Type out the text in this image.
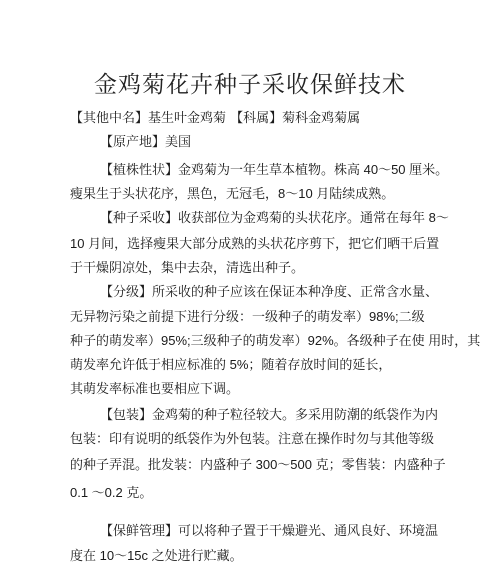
金鸡菊花卉种子采收保鲜技术
【其他中名】基生叶金鸡菊 【科属】菊科金鸡菊属
【原产地】美国
【植株性状】金鸡菊为一年生草本植物。株高 40〜50 厘米。
瘦果生于头状花序，黑色，无冠毛，8〜10 月陆续成熟。
【种子采收】收获部位为金鸡菊的头状花序。通常在每年 8〜
10 月间，选择瘦果大部分成熟的头状花序剪下，把它们晒干后置
于干燥阴凉处，集中去杂，清选出种子。
【分级】所采收的种子应该在保证本种净度、正常含水量、
无异物污染之前提下进行分级：一级种子的萌发率）98%;二级
种子的萌发率）95%;三级种子的萌发率）92%。各级种子在使 用时，其
萌发率允许低于相应标准的 5%；随着存放时间的延长，
其萌发率标准也要相应下调。
【包装】金鸡菊的种子粒径较大。多采用防潮的纸袋作为内
包装：印有说明的纸袋作为外包装。注意在操作时勿与其他等级
的种子弄混。批发装：内盛种子 300〜500 克；零售装：内盛种子
0.1 〜0.2 克。
【保鲜管理】可以将种子置于干燥避光、通风良好、环境温
度在 10〜15c 之处进行贮藏。
